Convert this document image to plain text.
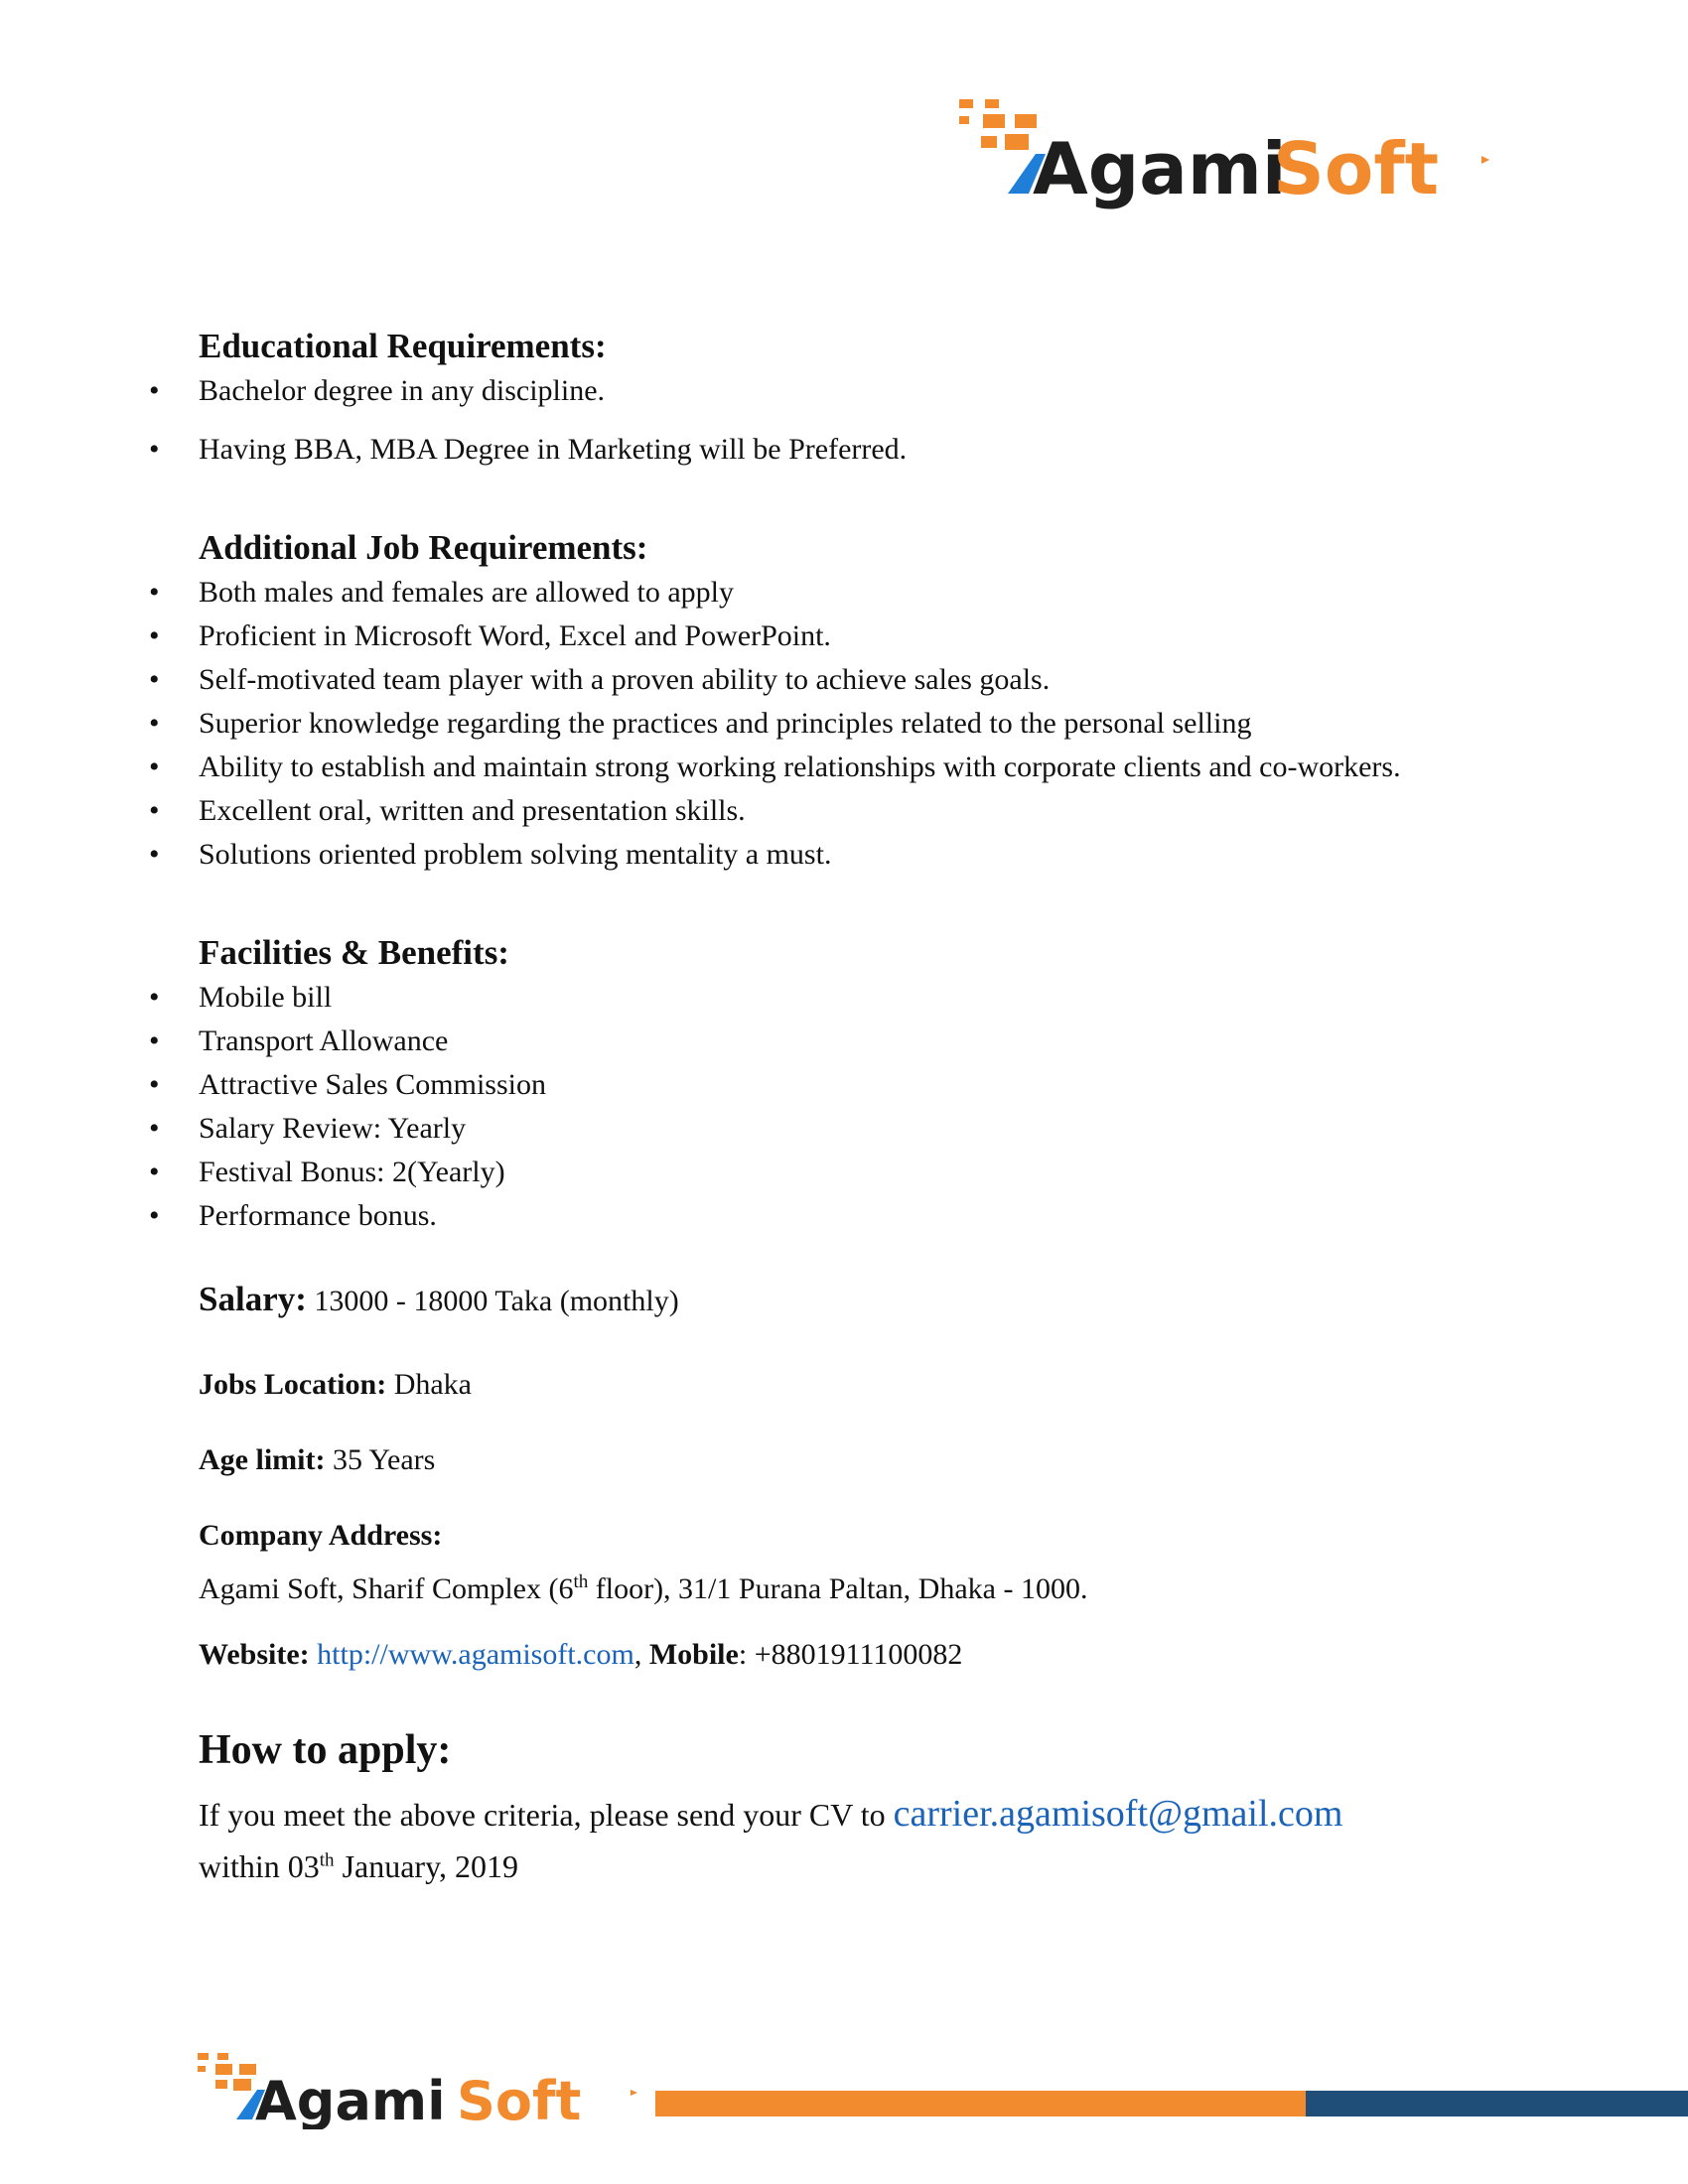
Agami
Soft
Educational Requirements:
• Bachelor degree in any discipline.
• Having BBA, MBA Degree in Marketing will be Preferred.
Additional Job Requirements:
• Both males and females are allowed to apply
• Proficient in Microsoft Word, Excel and PowerPoint.
• Self-motivated team player with a proven ability to achieve sales goals.
• Superior knowledge regarding the practices and principles related to the personal selling
• Ability to establish and maintain strong working relationships with corporate clients and co-workers.
• Excellent oral, written and presentation skills.
• Solutions oriented problem solving mentality a must.
Facilities & Benefits:
• Mobile bill
• Transport Allowance
• Attractive Sales Commission
• Salary Review: Yearly
• Festival Bonus: 2(Yearly)
• Performance bonus.

Salary: 13000 - 18000 Taka (monthly)

Jobs Location: Dhaka

Age limit: 35 Years

Company Address:

Agami Soft, Sharif Complex (6th floor), 31/1 Purana Paltan, Dhaka - 1000.

Website: http://www.agamisoft.com, Mobile: +8801911100082

How to apply:

If you meet the above criteria, please send your CV to carrier.agamisoft@gmail.com
within 03th January, 2019

Agami Soft
